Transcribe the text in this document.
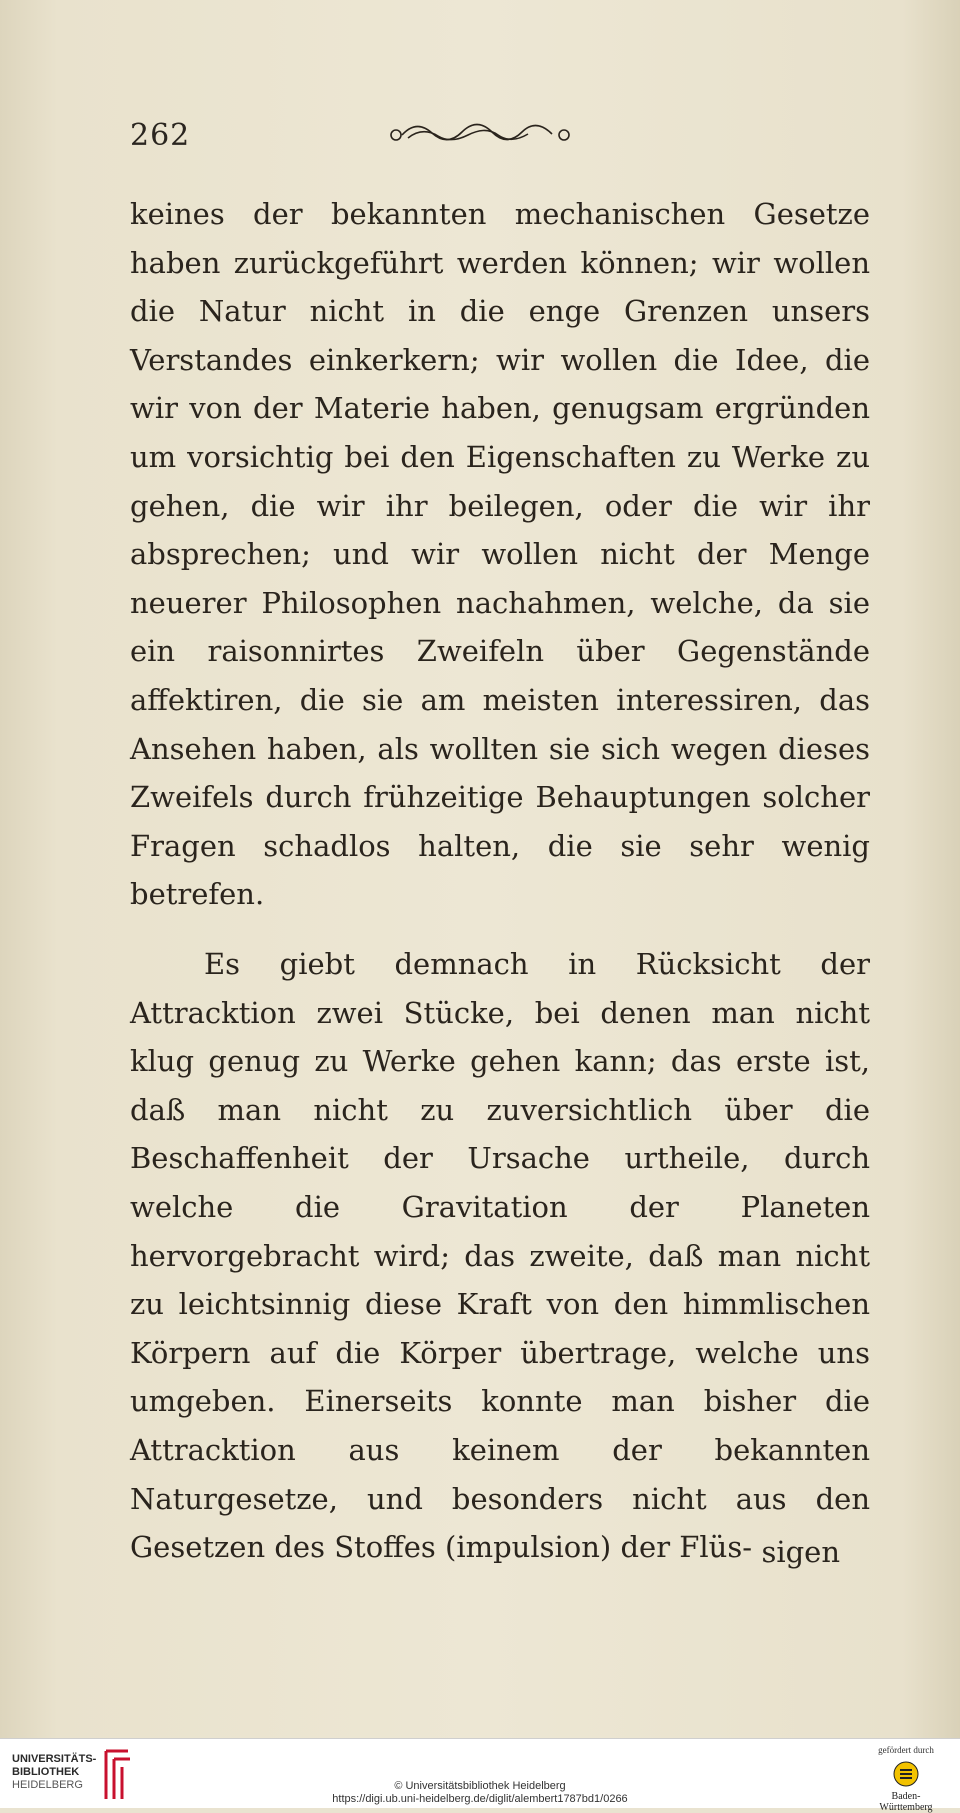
262
keines der bekannten mechanischen Gesetze haben zurückgeführt werden können; wir wollen die Natur nicht in die enge Grenzen unsers Verstandes einkerkern; wir wollen die Idee, die wir von der Materie haben, genugsam ergründen um vorsichtig bei den Eigenschaften zu Werke zu gehen, die wir ihr beilegen, oder die wir ihr absprechen; und wir wollen nicht der Menge neuerer Philosophen nachahmen, welche, da sie ein raisonnirtes Zweifeln über Gegenstände affektiren, die sie am meisten interessiren, das Ansehen haben, als wollten sie sich wegen dieses Zweifels durch frühzeitige Behauptungen solcher Fragen schadlos halten, die sie sehr wenig betrefen.
Es giebt demnach in Rücksicht der Attracktion zwei Stücke, bei denen man nicht klug genug zu Werke gehen kann; das erste ist, daß man nicht zu zuversichtlich über die Beschaffenheit der Ursache urtheile, durch welche die Gravitation der Planeten hervorgebracht wird; das zweite, daß man nicht zu leichtsinnig diese Kraft von den himmlischen Körpern auf die Körper übertrage, welche uns umgeben. Einerseits konnte man bisher die Attracktion aus keinem der bekannten Naturgesetze, und besonders nicht aus den Gesetzen des Stoffes (impulsion) der Flüs- sigen
UNIVERSITÄTS-
BIBLIOTHEK
HEIDELBERG	© Universitätsbibliothek Heidelberg
https://digi.ub.uni-heidelberg.de/diglit/alembert1787bd1/0266
gefördert durch
Baden-Württemberg
